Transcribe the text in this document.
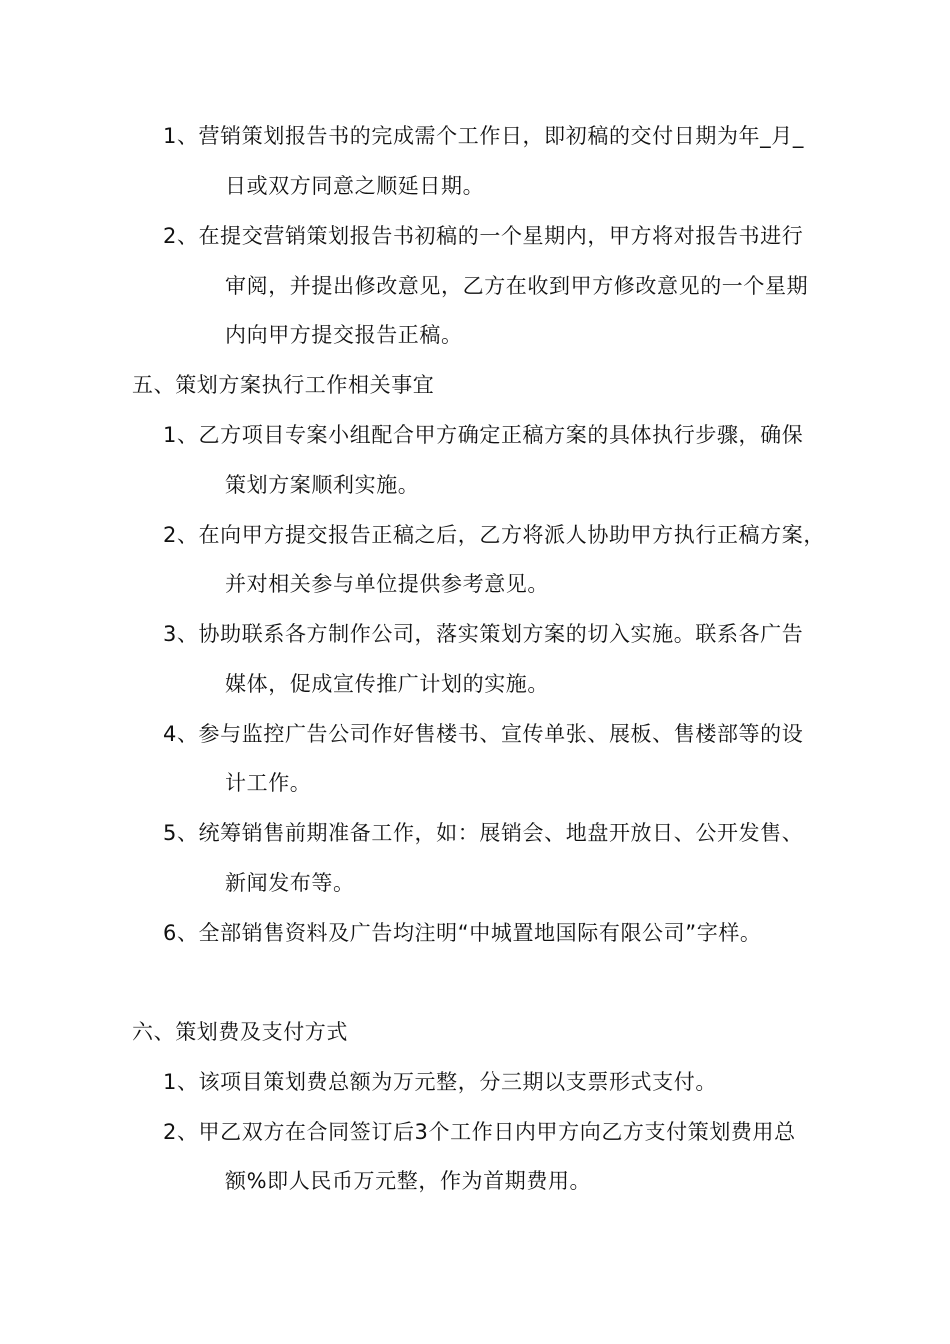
1、营销策划报告书的完成需个工作日，即初稿的交付日期为年_月_
日或双方同意之顺延日期。
2、在提交营销策划报告书初稿的一个星期内，甲方将对报告书进行
审阅，并提出修改意见，乙方在收到甲方修改意见的一个星期
内向甲方提交报告正稿。
五、策划方案执行工作相关事宜
1、乙方项目专案小组配合甲方确定正稿方案的具体执行步骤，确保
策划方案顺利实施。
2、在向甲方提交报告正稿之后，乙方将派人协助甲方执行正稿方案，
并对相关参与单位提供参考意见。
3、协助联系各方制作公司，落实策划方案的切入实施。联系各广告
媒体，促成宣传推广计划的实施。
4、参与监控广告公司作好售楼书、宣传单张、展板、售楼部等的设
计工作。
5、统筹销售前期准备工作，如：展销会、地盘开放日、公开发售、
新闻发布等。
6、全部销售资料及广告均注明“中城置地国际有限公司”字样。
六、策划费及支付方式
1、该项目策划费总额为万元整，分三期以支票形式支付。
2、甲乙双方在合同签订后3个工作日内甲方向乙方支付策划费用总
额%即人民币万元整，作为首期费用。
